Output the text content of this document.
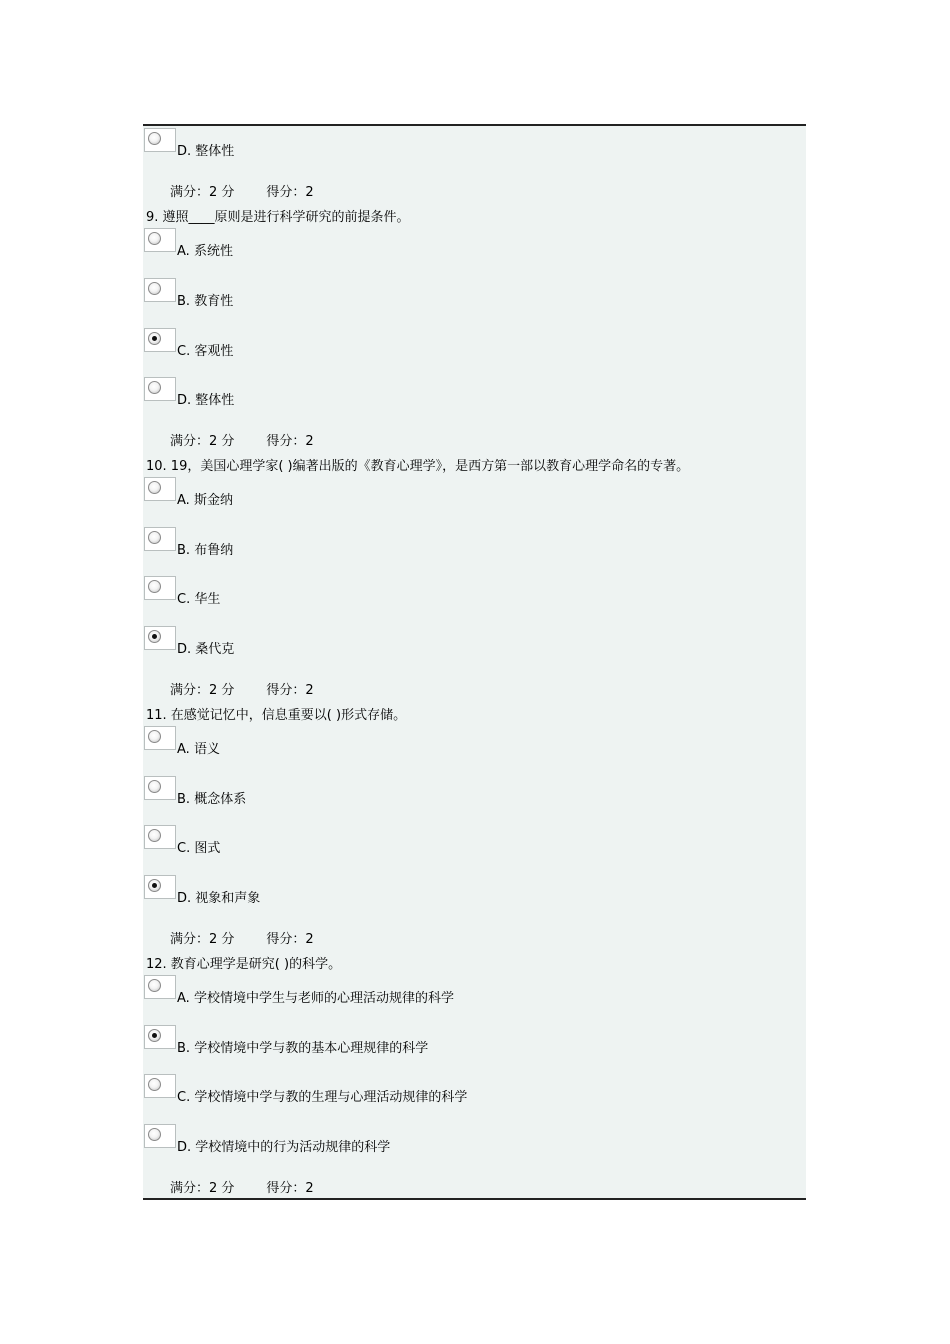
D. 整体性
满分：2 分 得分：2
9. 遵照____原则是进行科学研究的前提条件。
A. 系统性
B. 教育性
C. 客观性
D. 整体性
满分：2 分 得分：2
10. 19，美国心理学家( )编著出版的《教育心理学》，是西方第一部以教育心理学命名的专著。
A. 斯金纳
B. 布鲁纳
C. 华生
D. 桑代克
满分：2 分 得分：2
11. 在感觉记忆中，信息重要以( )形式存储。
A. 语义
B. 概念体系
C. 图式
D. 视象和声象
满分：2 分 得分：2
12. 教育心理学是研究( )的科学。
A. 学校情境中学生与老师的心理活动规律的科学
B. 学校情境中学与教的基本心理规律的科学
C. 学校情境中学与教的生理与心理活动规律的科学
D. 学校情境中的行为活动规律的科学
满分：2 分 得分：2
